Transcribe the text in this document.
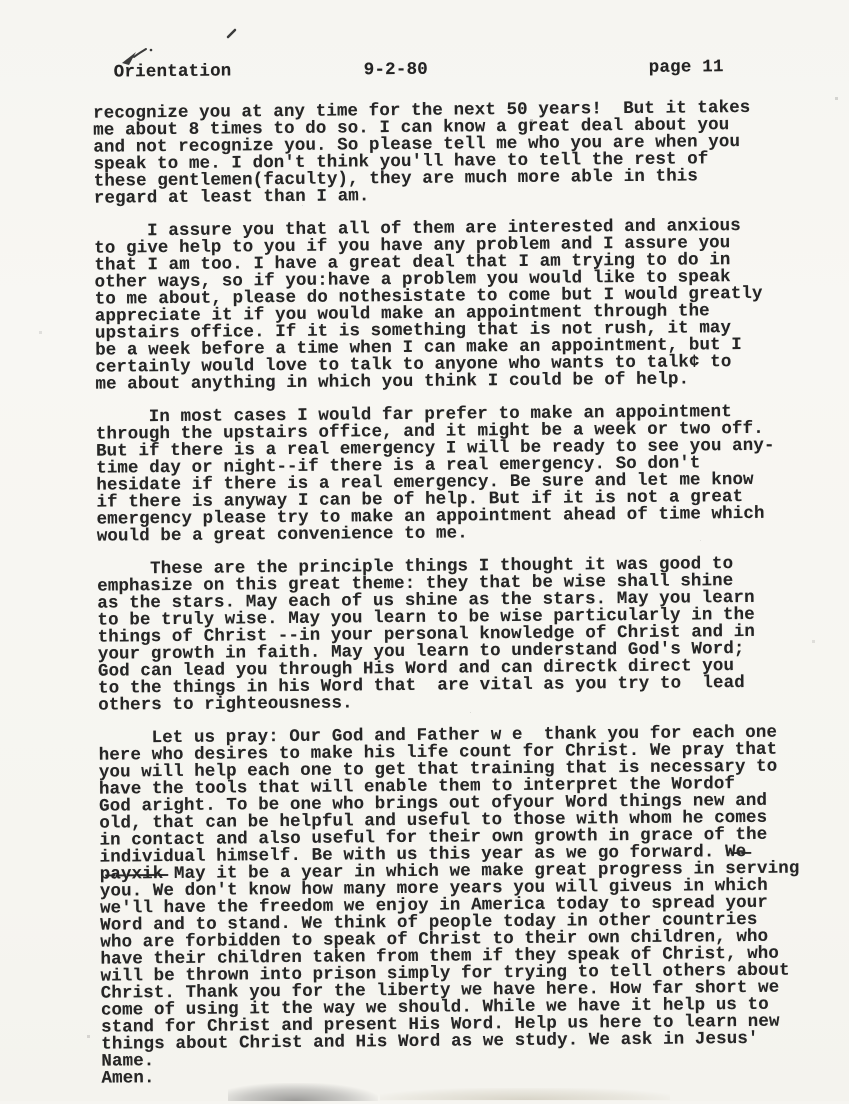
Orientation	9-2-80	page 11

recognize you at any time for the next 50 years!  But it takes
me about 8 times to do so. I can know a great deal about you
and not recognize you. So please tell me who you are when you
speak to me. I don't think you'll have to tell the rest of
these gentlemen(faculty), they are much more able in this
regard at least than I am.

I assure you that all of them are interested and anxious
to give help to you if you have any problem and I assure you
that I am too. I have a great deal that I am trying to do in
other ways, so if you:have a problem you would like to speak
to me about, please do nothesistate to come but I would greatly
appreciate it if you would make an appointment through the
upstairs office. If it is something that is not rush, it may
be a week before a time when I can make an appointment, but I
certainly would love to talk to anyone who wants to talk¢ to
me about anything in which you think I could be of help.

In most cases I would far prefer to make an appointment
through the upstairs office, and it might be a week or two off.
But if there is a real emergency I will be ready to see you any-
time day or night--if there is a real emergency. So don't
hesidate if there is a real emergency. Be sure and let me know
if there is anyway I can be of help. But if it is not a great
emergency please try to make an appointment ahead of time which
would be a great convenience to me.

These are the principle things I thought it was good to
emphasize on this great theme: they that be wise shall shine
as the stars. May each of us shine as the stars. May you learn
to be truly wise. May you learn to be wise particularly in the
things of Christ --in your personal knowledge of Christ and in
your growth in faith. May you learn to understand God's Word;
God can lead you through His Word and can directk direct you
to the things in his Word that  are vital as you try to  lead
others to righteousness.

Let us pray: Our God and Father w e  thank you for each one
here who desires to make his life count for Christ. We pray that
you will help each one to get that training that is necessary to
have the tools that will enable them to interpret the Wordof
God aright. To be one who brings out ofyour Word things new and
old, that can be helpful and useful to those with whom he comes
in contact and also useful for their own growth in grace of the
individual himself. Be with us this year as we go forward. W̶e̶
p̶a̶y̶x̶i̶k̶ May it be a year in which we make great progress in serving
you. We don't know how many more years you will giveus in which
we'll have the freedom we enjoy in America today to spread your
Word and to stand. We think of people today in other countries
who are forbidden to speak of Christ to their own children, who
have their children taken from them if they speak of Christ, who
will be thrown into prison simply for trying to tell others about
Christ. Thank you for the liberty we have here. How far short we
come of using it the way we should. While we have it help us to
stand for Christ and present His Word. Help us here to learn new
things about Christ and His Word as we study. We ask in Jesus' Name.
Amen.
